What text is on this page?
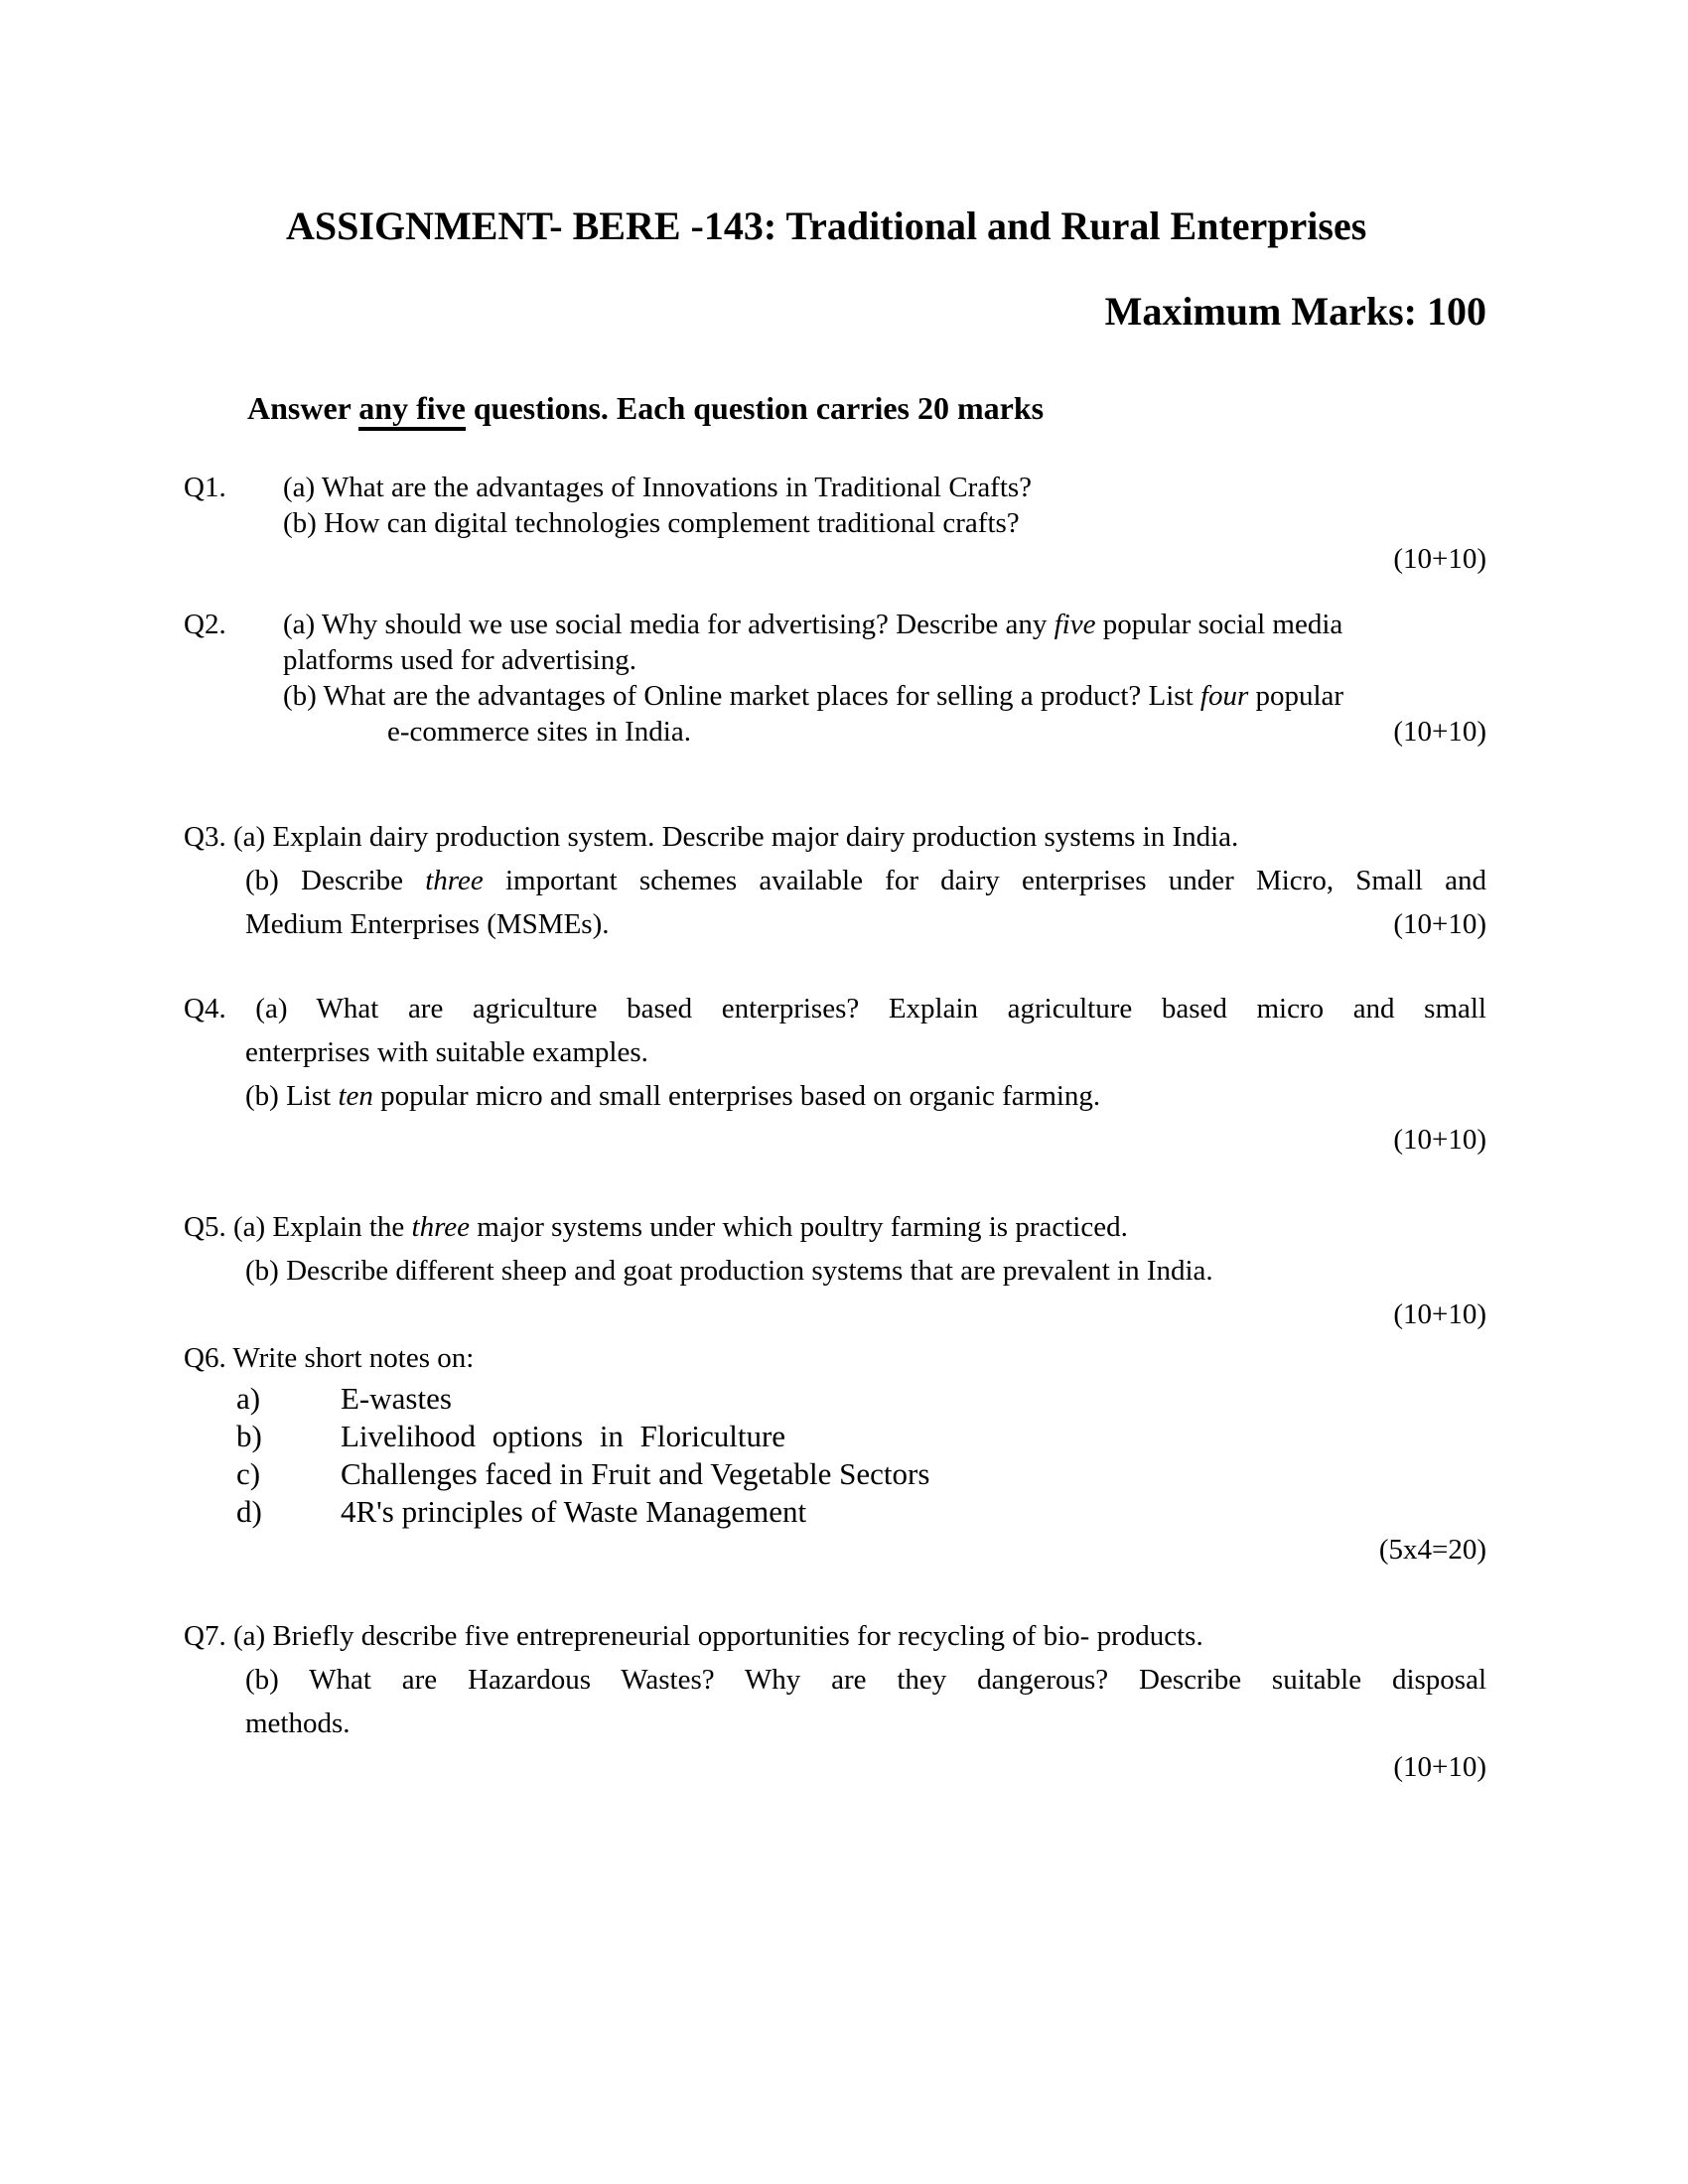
ASSIGNMENT- BERE -143: Traditional and Rural Enterprises
Maximum Marks: 100
Answer any five questions. Each question carries 20 marks
Q1.	(a) What are the advantages of Innovations in Traditional Crafts?
(b) How can digital technologies complement traditional crafts?
(10+10)
Q2.	(a) Why should we use social media for advertising? Describe any five popular social media
platforms used for advertising.
(b) What are the advantages of Online market places for selling a product? List four popular
e-commerce sites in India.	(10+10)
Q3. (a) Explain dairy production system. Describe major dairy production systems in India.
(b) Describe three important schemes available for dairy enterprises under Micro, Small and
Medium Enterprises (MSMEs).	(10+10)
Q4. (a) What are agriculture based enterprises? Explain agriculture based micro and small
enterprises with suitable examples.
(b) List ten popular micro and small enterprises based on organic farming.
(10+10)
Q5. (a) Explain the three major systems under which poultry farming is practiced.
(b) Describe different sheep and goat production systems that are prevalent in India.
(10+10)
Q6. Write short notes on:
a)	E-wastes
b)	Livelihood options in Floriculture
c)	Challenges faced in Fruit and Vegetable Sectors
d)	4R's principles of Waste Management
(5x4=20)
Q7. (a) Briefly describe five entrepreneurial opportunities for recycling of bio- products.
(b) What are Hazardous Wastes? Why are they dangerous? Describe suitable disposal
methods.
(10+10)
